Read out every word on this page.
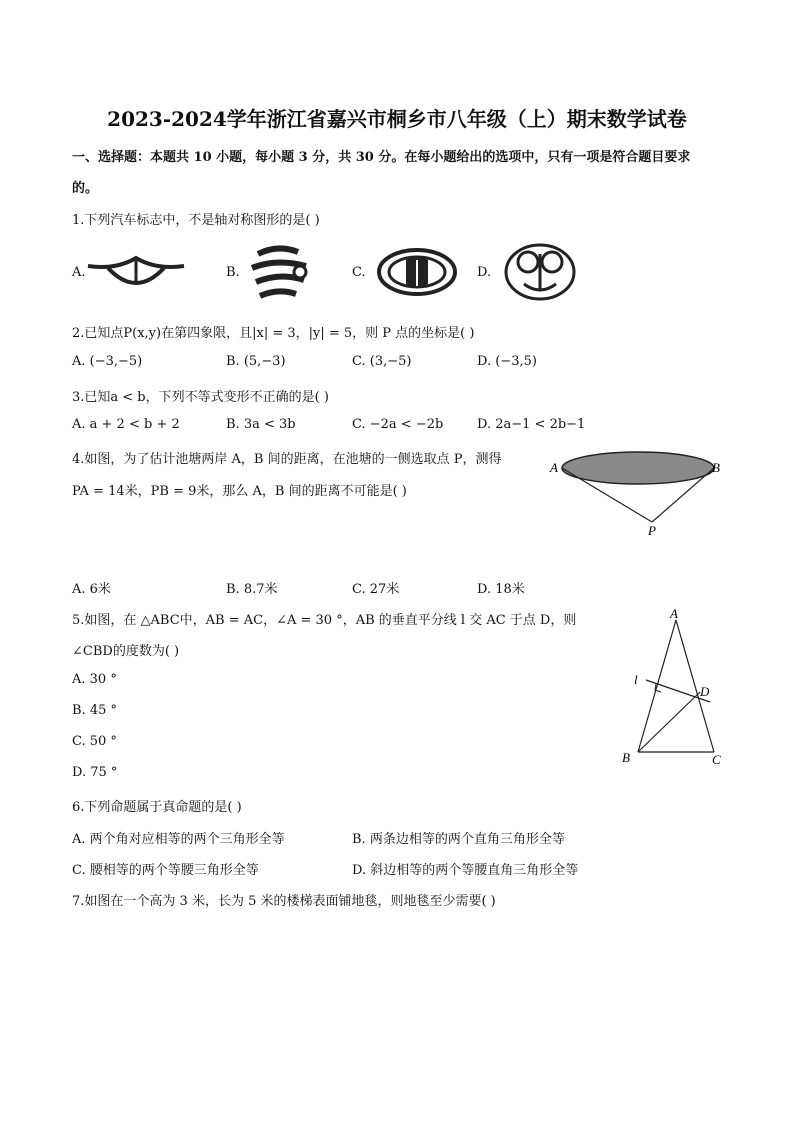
2023-2024学年浙江省嘉兴市桐乡市八年级（上）期末数学试卷
一、选择题：本题共 10 小题，每小题 3 分，共 30 分。在每小题给出的选项中，只有一项是符合题目要求
的。
1.下列汽车标志中，不是轴对称图形的是( )
A.	B.	C.	D.
2.已知点P(x,y)在第四象限，且|x| = 3，|y| = 5，则 P 点的坐标是( )
A. (−3,−5)	B. (5,−3)	C. (3,−5)	D. (−3,5)
3.已知a < b，下列不等式变形不正确的是( )
A. a + 2 < b + 2	B. 3a < 3b	C. −2a < −2b	D. 2a−1 < 2b−1
4.如图，为了估计池塘两岸 A，B 间的距离，在池塘的一侧选取点 P，测得
PA = 14米，PB = 9米，那么 A，B 间的距离不可能是( )
A. 6米	B. 8.7米	C. 27米	D. 18米
A	B
P
5.如图，在 △ABC中，AB = AC，∠A = 30 °，AB 的垂直平分线 l 交 AC 于点 D，则
∠CBD的度数为( )
A. 30 °
B. 45 °
C. 50 °
D. 75 °
A
B	C
D
l
6.下列命题属于真命题的是( )
A. 两个角对应相等的两个三角形全等	B. 两条边相等的两个直角三角形全等
C. 腰相等的两个等腰三角形全等	D. 斜边相等的两个等腰直角三角形全等
7.如图在一个高为 3 米，长为 5 米的楼梯表面铺地毯，则地毯至少需要( )
